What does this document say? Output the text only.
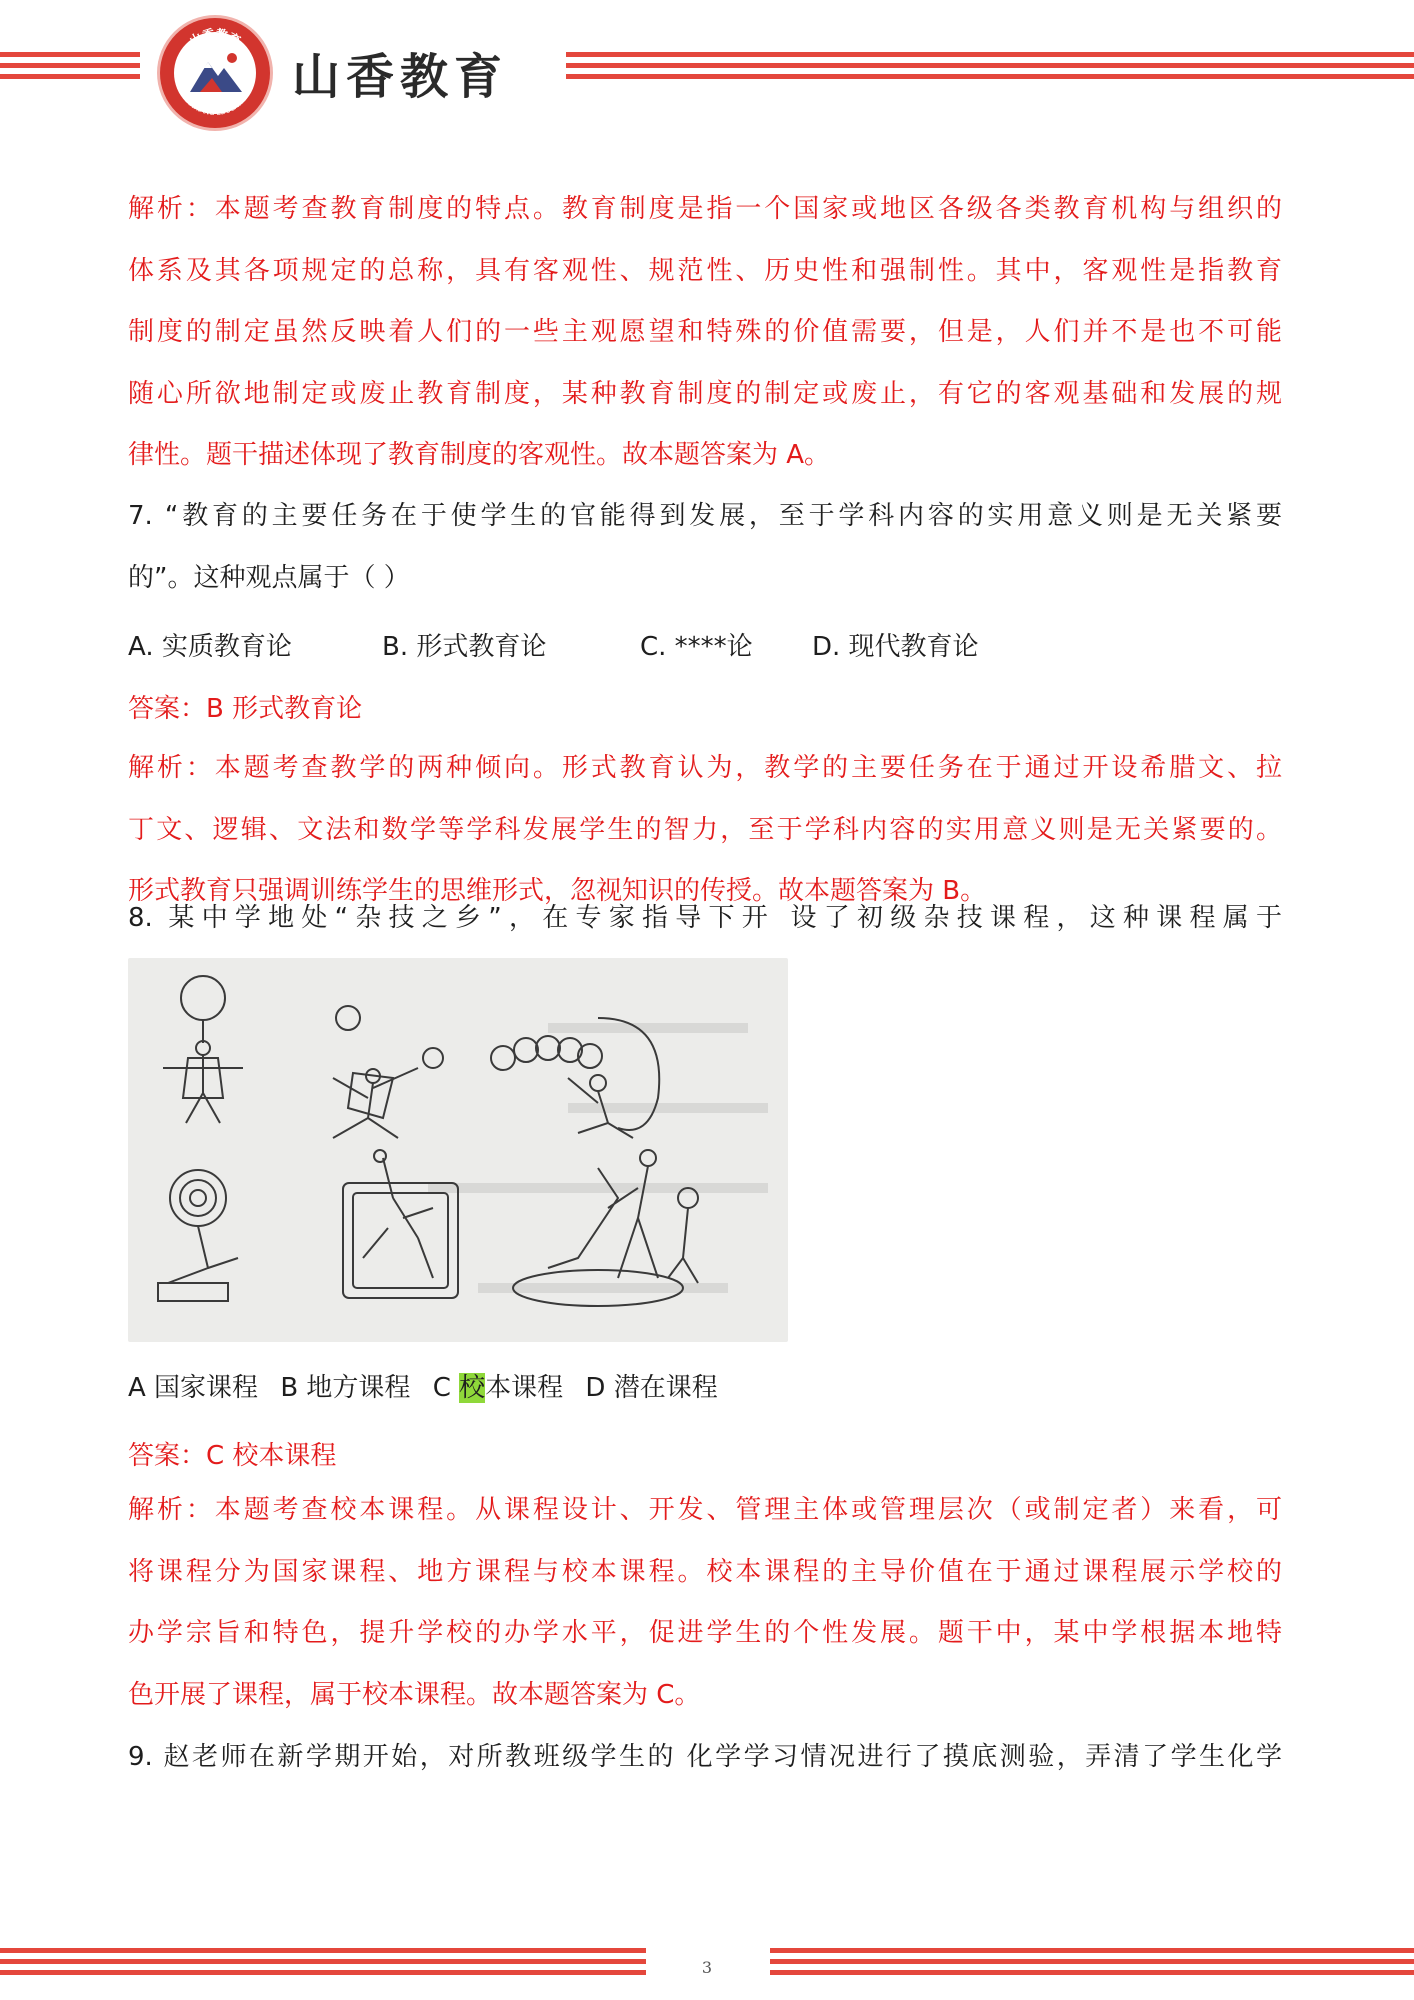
山香教育
SHANXIANG EDUCATION 山香教育
解析：本题考查教育制度的特点。教育制度是指一个国家或地区各级各类教育机构与组织的
体系及其各项规定的总称，具有客观性、规范性、历史性和强制性。其中，客观性是指教育
制度的制定虽然反映着人们的一些主观愿望和特殊的价值需要，但是，人们并不是也不可能
随心所欲地制定或废止教育制度，某种教育制度的制定或废止，有它的客观基础和发展的规
律性。题干描述体现了教育制度的客观性。故本题答案为 A。
7. “教育的主要任务在于使学生的官能得到发展，至于学科内容的实用意义则是无关紧要
的”。这种观点属于（ ）
A. 实质教育论	B. 形式教育论	C. ****论 D. 现代教育论
答案：B 形式教育论
解析：本题考查教学的两种倾向。形式教育认为，教学的主要任务在于通过开设希腊文、拉
丁文、逻辑、文法和数学等学科发展学生的智力，至于学科内容的实用意义则是无关紧要的。
形式教育只强调训练学生的思维形式，忽视知识的传授。故本题答案为 B。
8. 某中学地处“杂技之乡”，在专家指导下开 设了初级杂技课程，这种课程属于
A 国家课程 B 地方课程 C 校本课程 D 潜在课程
答案：C 校本课程
解析：本题考查校本课程。从课程设计、开发、管理主体或管理层次（或制定者）来看，可
将课程分为国家课程、地方课程与校本课程。校本课程的主导价值在于通过课程展示学校的
办学宗旨和特色，提升学校的办学水平，促进学生的个性发展。题干中，某中学根据本地特
色开展了课程，属于校本课程。故本题答案为 C。
9. 赵老师在新学期开始，对所教班级学生的 化学学习情况进行了摸底测验，弄清了学生化学
3
